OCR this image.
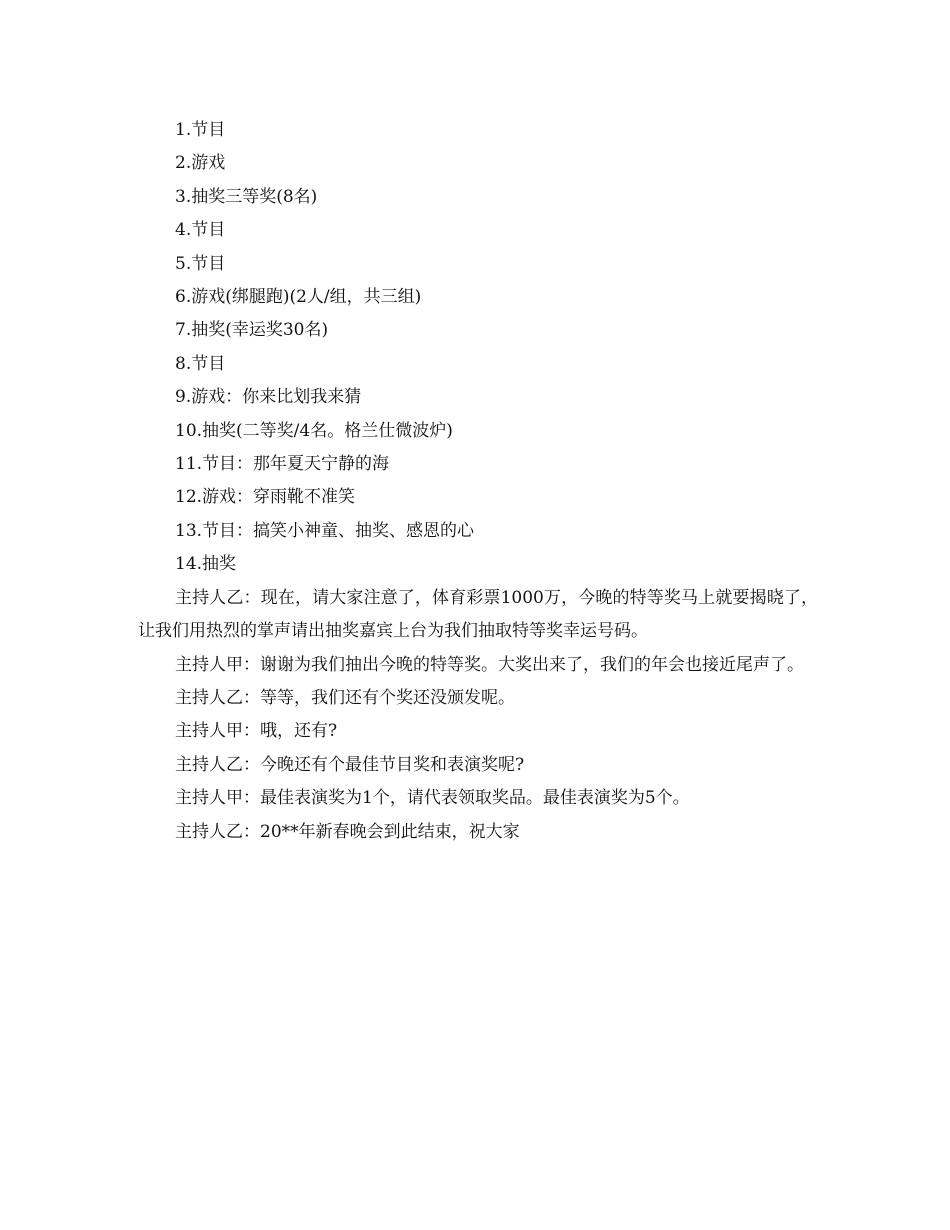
1.节目

2.游戏

3.抽奖三等奖(8名)

4.节目

5.节目

6.游戏(绑腿跑)(2人/组，共三组)

7.抽奖(幸运奖30名)

8.节目

9.游戏：你来比划我来猜

10.抽奖(二等奖/4名。格兰仕微波炉)

11.节目：那年夏天宁静的海

12.游戏：穿雨靴不准笑

13.节目：搞笑小神童、抽奖、感恩的心

14.抽奖

主持人乙：现在，请大家注意了，体育彩票1000万，今晚的特等奖马上就要揭晓了，让我们用热烈的掌声请出抽奖嘉宾上台为我们抽取特等奖幸运号码。

主持人甲：谢谢为我们抽出今晚的特等奖。大奖出来了，我们的年会也接近尾声了。

主持人乙：等等，我们还有个奖还没颁发呢。

主持人甲：哦，还有?

主持人乙：今晚还有个最佳节目奖和表演奖呢?

主持人甲：最佳表演奖为1个，请代表领取奖品。最佳表演奖为5个。

主持人乙：20**年新春晚会到此结束，祝大家
